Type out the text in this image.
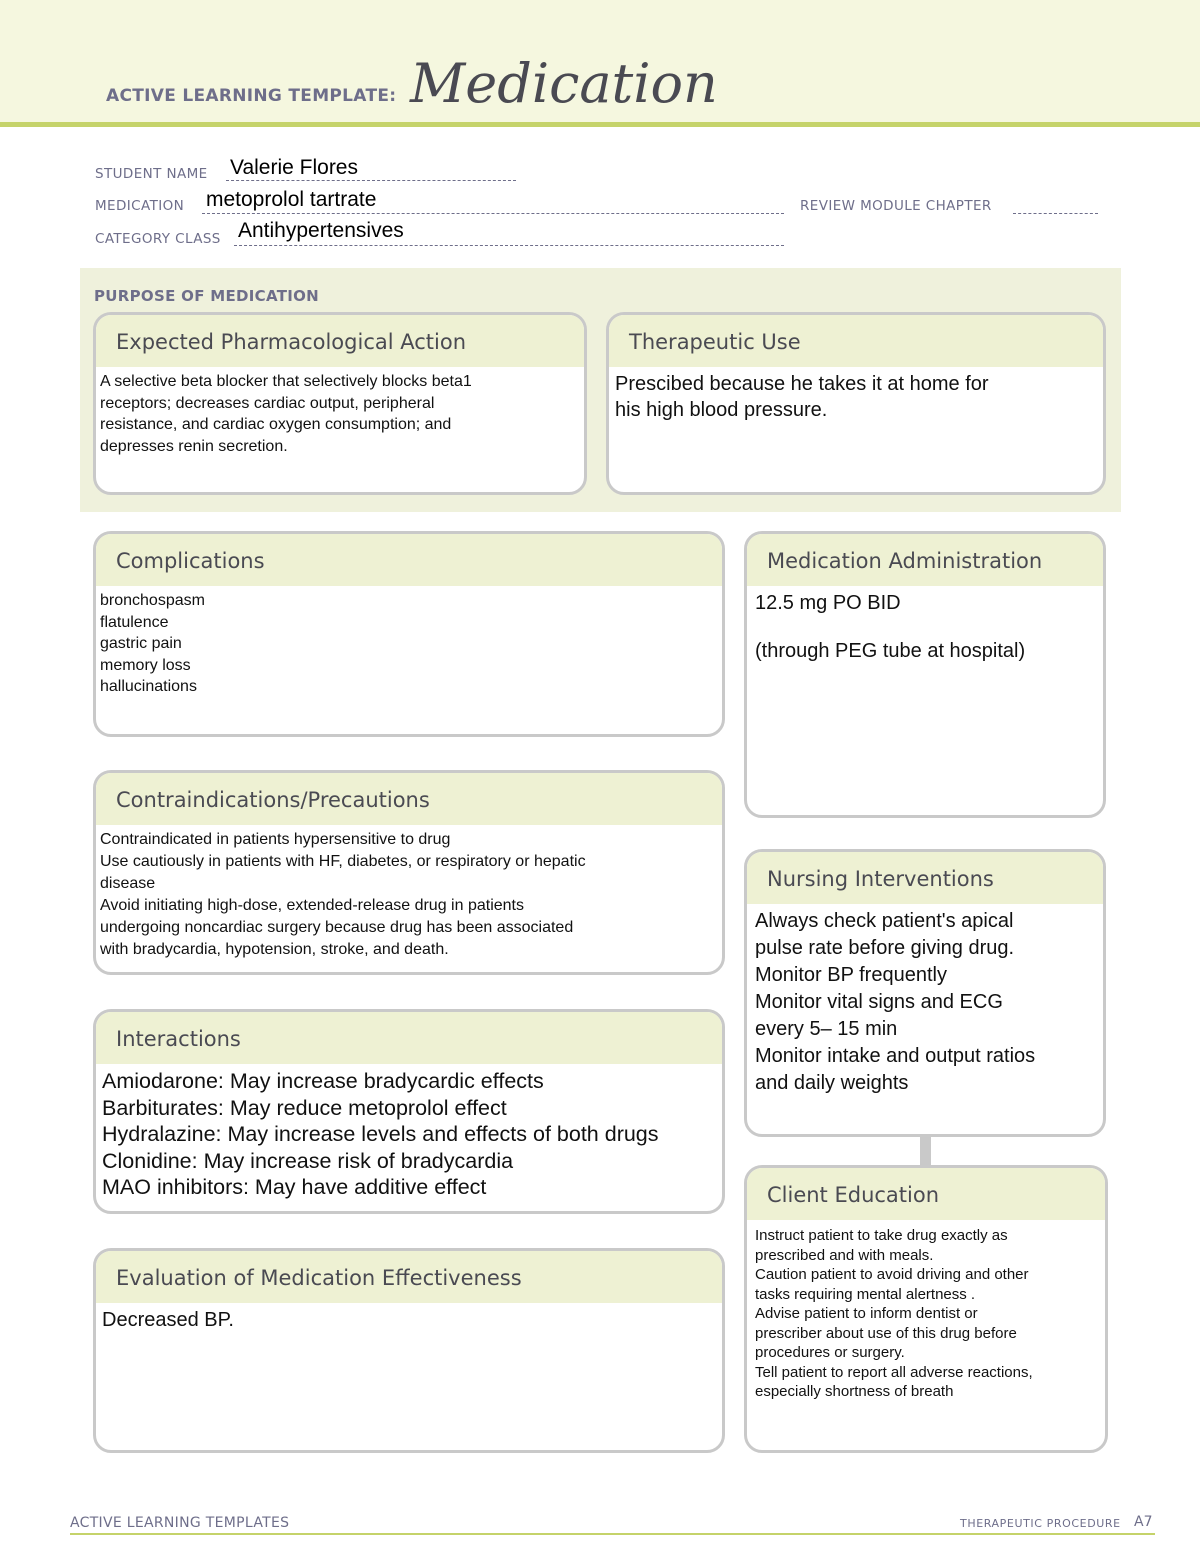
ACTIVE LEARNING TEMPLATE: Medication
STUDENT NAME Valerie Flores
MEDICATION metoprolol tartrate	REVIEW MODULE CHAPTER
CATEGORY CLASS Antihypertensives
PURPOSE OF MEDICATION
Expected Pharmacological Action
A selective beta blocker that selectively blocks beta1
receptors; decreases cardiac output, peripheral
resistance, and cardiac oxygen consumption; and
depresses renin secretion.
Therapeutic Use
Prescibed because he takes it at home for
his high blood pressure.
Complications
bronchospasm
flatulence
gastric pain
memory loss
hallucinations
Medication Administration
12.5 mg PO BID
(through PEG tube at hospital)
Contraindications/Precautions
Contraindicated in patients hypersensitive to drug
Use cautiously in patients with HF, diabetes, or respiratory or hepatic
disease
Avoid initiating high-dose, extended-release drug in patients
undergoing noncardiac surgery because drug has been associated
with bradycardia, hypotension, stroke, and death.
Nursing Interventions
Always check patient's apical
pulse rate before giving drug.
Monitor BP frequently
Monitor vital signs and ECG
every 5– 15 min
Monitor intake and output ratios
and daily weights
Interactions
Amiodarone: May increase bradycardic effects
Barbiturates: May reduce metoprolol effect
Hydralazine: May increase levels and effects of both drugs
Clonidine: May increase risk of bradycardia
MAO inhibitors: May have additive effect	Client Education
Instruct patient to take drug exactly as
prescribed and with meals.
Caution patient to avoid driving and other
tasks requiring mental alertness .
Advise patient to inform dentist or
prescriber about use of this drug before
procedures or surgery.
Tell patient to report all adverse reactions,
especially shortness of breath
Evaluation of Medication Effectiveness
Decreased BP.
ACTIVE LEARNING TEMPLATES	THERAPEUTIC PROCEDURE A7
